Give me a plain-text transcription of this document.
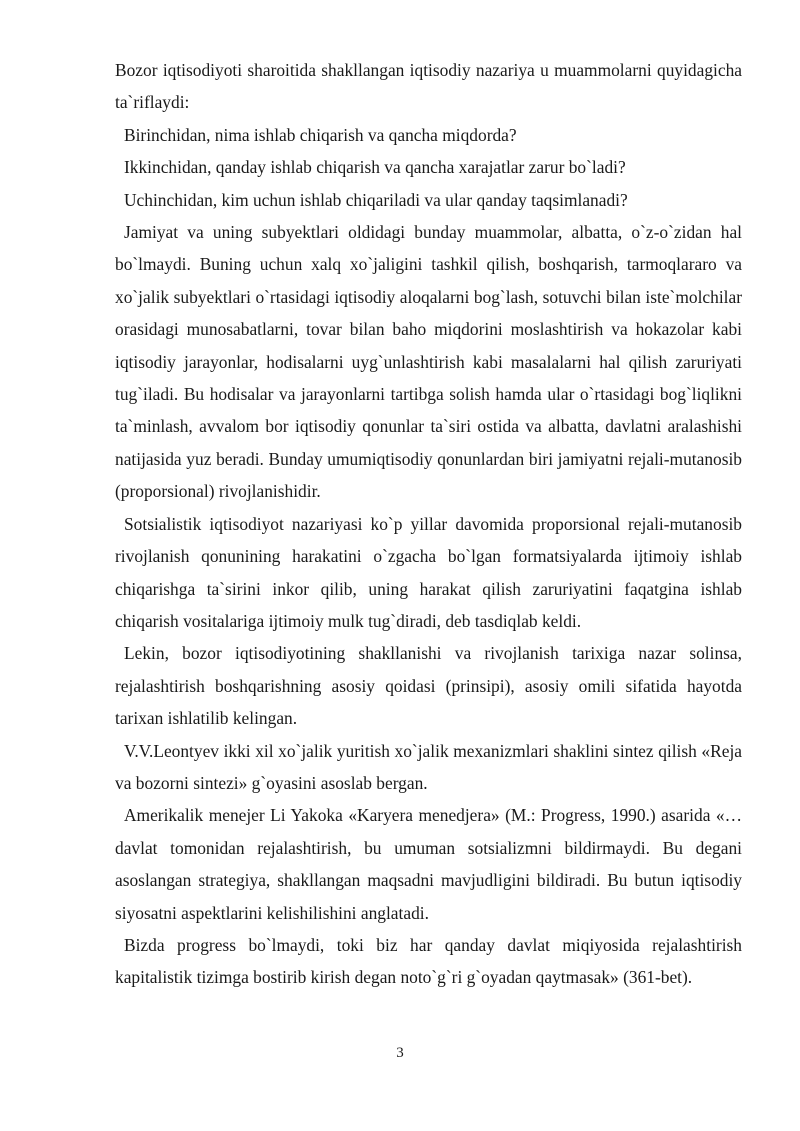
Bozor iqtisodiyoti sharoitida shakllangan iqtisodiy nazariya u muammolarni quyidagicha ta`riflaydi:

Birinchidan, nima ishlab chiqarish va qancha miqdorda?

Ikkinchidan, qanday ishlab chiqarish va qancha xarajatlar zarur bo`ladi?

Uchinchidan, kim uchun ishlab chiqariladi va ular qanday taqsimlanadi?

Jamiyat va uning subyektlari oldidagi bunday muammolar, albatta, o`z-o`zidan hal bo`lmaydi. Buning uchun xalq xo`jaligini tashkil qilish, boshqarish, tarmoqlararo va xo`jalik subyektlari o`rtasidagi iqtisodiy aloqalarni bog`lash, sotuvchi bilan iste`molchilar orasidagi munosabatlarni, tovar bilan baho miqdorini moslashtirish va hokazolar kabi iqtisodiy jarayonlar, hodisalarni uyg`unlashtirish kabi masalalarni hal qilish zaruriyati tug`iladi. Bu hodisalar va jarayonlarni tartibga solish hamda ular o`rtasidagi bog`liqlikni ta`minlash, avvalom bor iqtisodiy qonunlar ta`siri ostida va albatta, davlatni aralashishi natijasida yuz beradi. Bunday umumiqtisodiy qonunlardan biri jamiyatni rejali-mutanosib (proporsional) rivojlanishidir.

Sotsialistik iqtisodiyot nazariyasi ko`p yillar davomida proporsional rejali-mutanosib rivojlanish qonunining harakatini o`zgacha bo`lgan formatsiyalarda ijtimoiy ishlab chiqarishga ta`sirini inkor qilib, uning harakat qilish zaruriyatini faqatgina ishlab chiqarish vositalariga ijtimoiy mulk tug`diradi, deb tasdiqlab keldi.

Lekin, bozor iqtisodiyotining shakllanishi va rivojlanish tarixiga nazar solinsa, rejalashtirish boshqarishning asosiy qoidasi (prinsipi), asosiy omili sifatida hayotda tarixan ishlatilib kelingan.

V.V.Leontyev ikki xil xo`jalik yuritish xo`jalik mexanizmlari shaklini sintez qilish «Reja va bozorni sintezi» g`oyasini asoslab bergan.

Amerikalik menejer Li Yakoka «Karyera menedjera» (M.: Progress, 1990.) asarida «… davlat tomonidan rejalashtirish, bu umuman sotsializmni bildirmaydi. Bu degani asoslangan strategiya, shakllangan maqsadni mavjudligini bildiradi. Bu butun iqtisodiy siyosatni aspektlarini kelishilishini anglatadi.

Bizda progress bo`lmaydi, toki biz har qanday davlat miqiyosida rejalashtirish kapitalistik tizimga bostirib kirish degan noto`g`ri g`oyadan qaytmasak» (361-bet).

3
